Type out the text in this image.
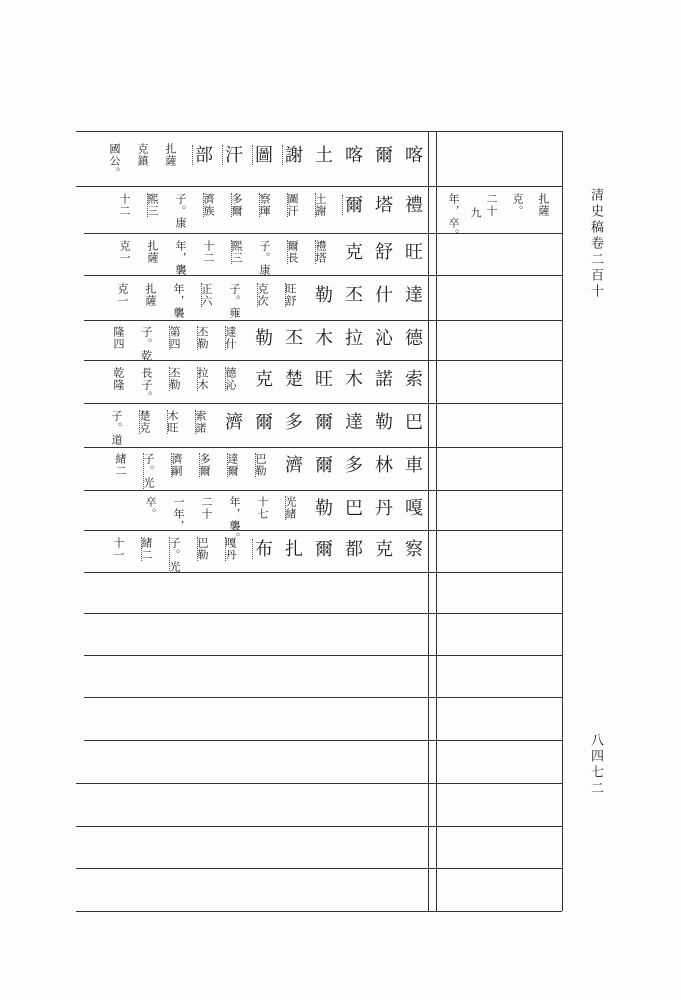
清史稿卷二百十
八四七二
喀
爾
喀
土
謝
圖
汗
部
扎薩
克鎮
國公。
禮
塔
爾
土謝
圖汗
察琿
多爾
濟族
子。康
熙三
十二
旺
舒
克
禮塔
爾長
子。康
熙三
十二
年，襲
扎薩
克一
達
什
丕
勒
旺舒
克次
子。雍
正六
年，襲
扎薩
克一
德
沁
拉
木
丕
勒
達什
丕勒
第四
子。乾
隆四
索
諾
木
旺
楚
克
德沁
拉木
丕勒
長子。
乾隆
巴
勒
達
爾
多
爾
濟
索諾
木旺
楚克
子。道
車
林
多
爾
濟
巴勒
達爾
多爾
濟嗣
子。光
緒二
嘎
丹
巴
勒
光緒
十七
年，襲。
二十
一年，
卒。
察
克
都
爾
扎
布
嘎丹
巴勒
子。光
緒二
十一
扎薩
克。
二十
九
年，卒。
